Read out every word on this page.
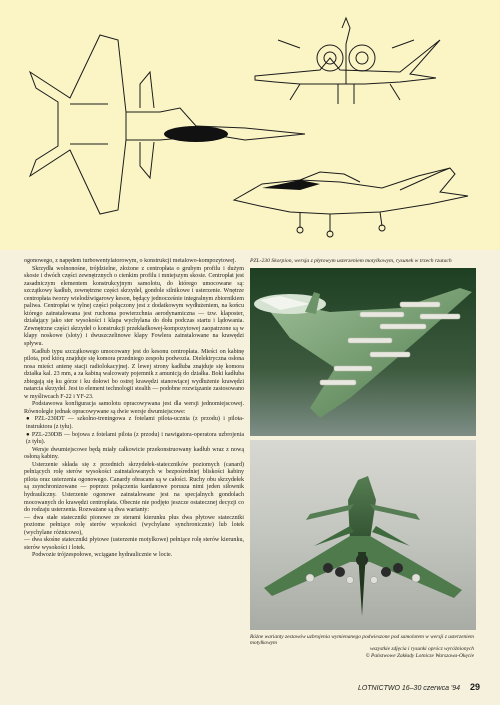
ogonowego, z napędem turbowentylatorowym, o konstrukcji metalowo-kompozytowej.

Skrzydła wolnonośne, trójdzielne, złożone z centropłata o grubym profilu i dużym skosie i dwóch części zewnętrznych o cienkim profilu i mniejszym skosie. Centropłat jest zasadniczym elementem konstrukcyjnym samolotu, do którego umocowane są: szczątkowy kadłub, zewnętrzne części skrzydeł, gondole silnikowe i usterzenie. Wnętrze centropłata tworzy wielodźwigarowy keson, będący jednocześnie integralnym zbiornikiem paliwa. Centropłat w tylnej części połączony jest z dodatkowym wydłużeniem, na końcu którego zainstalowana jest ruchoma powierzchnia aerodynamiczna — tzw. klaposter, działający jako ster wysokości i klapa wychylana do dołu podczas startu i lądowania. Zewnętrzne części skrzydeł o konstrukcji przekładkowej-kompozytowej zaopatrzone są w klapy noskowe (sloty) i dwuszczelinowe klapy Fowlera zainstalowane na krawędzi spływu.

Kadłub typu szczątkowego umocowany jest do kesonu centropłata. Mieści on kabinę pilota, pod którą znajduje się komora przedniego zespołu podwozia. Dielektryczna osłona nosa mieści antenę stacji radiolokacyjnej. Z lewej strony kadłuba znajduje się komora działka kal. 23 mm, a za kabiną walcowaty pojemnik z amunicją do działka. Boki kadłuba zbiegają się ku górze i ku dołowi bo ostrej krawędzi stanowiącej wydłużenie krawędzi natarcia skrzydeł. Jest to element technologii stealth — podobne rozwiązanie zastosowano w myśliwcach F-22 i YF-23.

Podstawowa konfiguracja samolotu opracowywana jest dla wersji jednomiejscowej. Równolegle jednak opracowywane są dwie wersje dwumiejscowe:

● PZL-230DT — szkolno-treningowa z fotelami pilota-ucznia (z przodu) i pilota-instruktora (z tyłu).

● PZL-230DB — bojowa z fotelami pilota (z przodu) i nawigatora-operatora uzbrojenia (z tyłu).

Wersje dwumiejscowe będą miały całkowicie przekonstruowany kadłub wraz z nową osłoną kabiny.

Usterzenie składa się z przednich skrzydełek-stateczników poziomych (canard) pełniących rolę sterów wysokości zainstalowanych w bezpośredniej bliskości kabiny pilota oraz usterzenia ogonowego. Canardy obracane są w całości. Ruchy obu skrzydełek są zsynchronizowane — poprzez połączenia kardanowe porusza nimi jeden siłownik hydrauliczny. Usterzenie ogonowe zainstalowane jest na specjalnych gondolach mocowanych do krawędzi centropłata. Obecnie nie podjęto jeszcze ostatecznej decyzji co do rodzaju usterzenia. Rozważane są dwa warianty:

— dwa stałe stateczniki pionowe ze sterami kierunku plus dwa płytowe stateczniki poziome pełniące rolę sterów wysokości (wychylane synchronicznie) lub lotek (wychylane różnicowo),

— dwa skośne stateczniki płytowe (usterzenie motylkowe) pełniące rolę sterów kierunku, sterów wysokości i lotek.

Podwozie trójzespołowe, wciągane hydraulicznie w locie.

PZL-230 Skorpion, wersja z płytowym usterzeniem motylkowym, rysunek w trzech rzutach

Różne warianty zestawów uzbrojenia wymienanego podwieszone pod samolotem w wersji z usterzeniem motylkowym
wszystkie zdjęcia i rysunki oprócz wyróżnionych
© Państwowe Zakłady Lotnicze Warszawa-Okęcie

LOTNICTWO 16–30 czerwca '94 29
